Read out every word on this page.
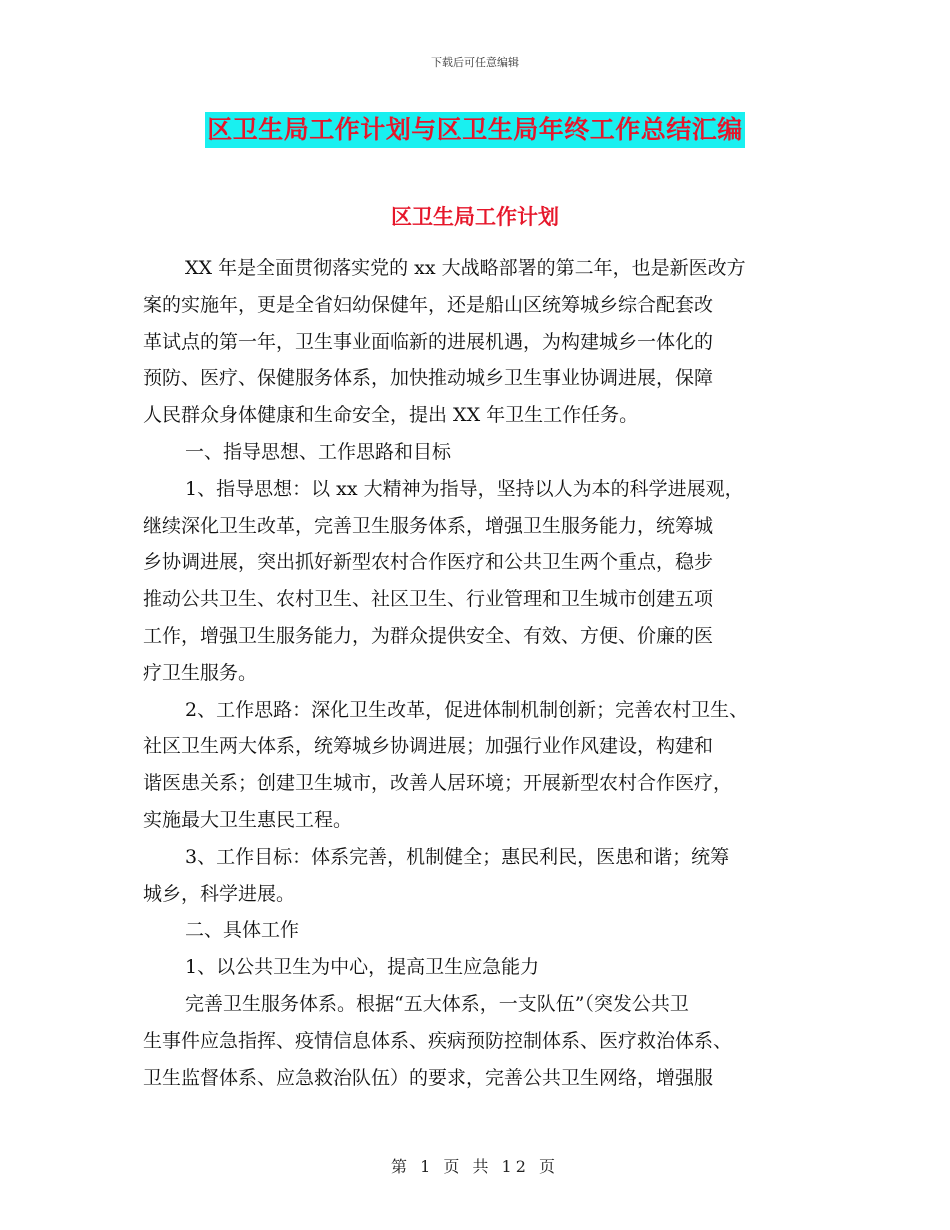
下载后可任意编辑
区卫生局工作计划与区卫生局年终工作总结汇编
区卫生局工作计划
XX 年是全面贯彻落实党的 xx 大战略部署的第二年，也是新医改方
案的实施年，更是全省妇幼保健年，还是船山区统筹城乡综合配套改
革试点的第一年，卫生事业面临新的进展机遇，为构建城乡一体化的
预防、医疗、保健服务体系，加快推动城乡卫生事业协调进展，保障
人民群众身体健康和生命安全，提出 XX 年卫生工作任务。
一、指导思想、工作思路和目标
1、指导思想：以 xx 大精神为指导，坚持以人为本的科学进展观，
继续深化卫生改革，完善卫生服务体系，增强卫生服务能力，统筹城
乡协调进展，突出抓好新型农村合作医疗和公共卫生两个重点，稳步
推动公共卫生、农村卫生、社区卫生、行业管理和卫生城市创建五项
工作，增强卫生服务能力，为群众提供安全、有效、方便、价廉的医
疗卫生服务。
2、工作思路：深化卫生改革，促进体制机制创新；完善农村卫生、
社区卫生两大体系，统筹城乡协调进展；加强行业作风建设，构建和
谐医患关系；创建卫生城市，改善人居环境；开展新型农村合作医疗，
实施最大卫生惠民工程。
3、工作目标：体系完善，机制健全；惠民利民，医患和谐；统筹
城乡，科学进展。
二、具体工作
1、以公共卫生为中心，提高卫生应急能力
完善卫生服务体系。根据“五大体系，一支队伍”（突发公共卫
生事件应急指挥、疫情信息体系、疾病预防控制体系、医疗救治体系、
卫生监督体系、应急救治队伍）的要求，完善公共卫生网络，增强服
第 1 页 共 12 页
